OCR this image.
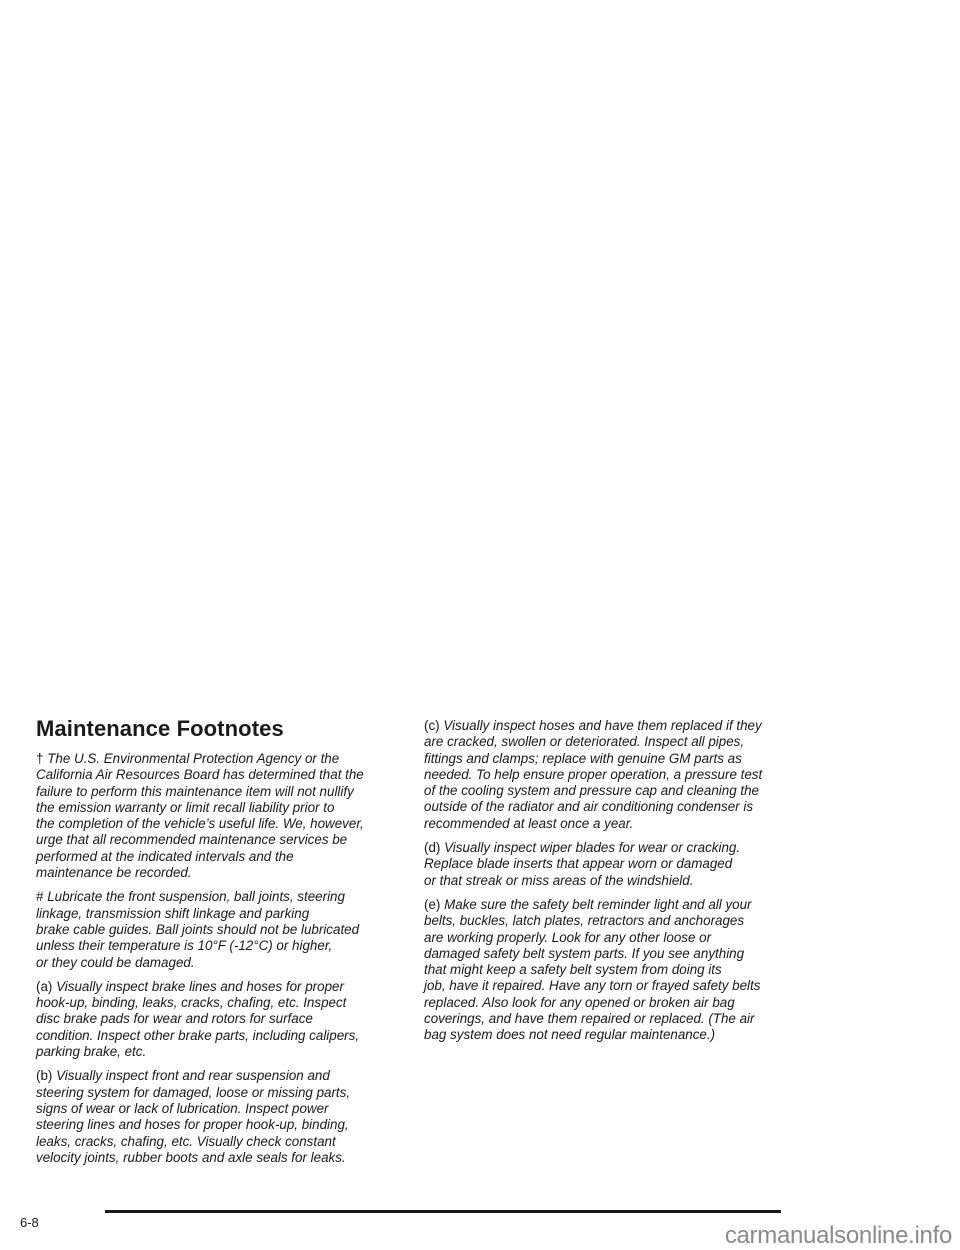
Maintenance Footnotes

† The U.S. Environmental Protection Agency or the
California Air Resources Board has determined that the
failure to perform this maintenance item will not nullify
the emission warranty or limit recall liability prior to
the completion of the vehicle’s useful life. We, however,
urge that all recommended maintenance services be
performed at the indicated intervals and the
maintenance be recorded.

# Lubricate the front suspension, ball joints, steering
linkage, transmission shift linkage and parking
brake cable guides. Ball joints should not be lubricated
unless their temperature is 10°F (-12°C) or higher,
or they could be damaged.

(a) Visually inspect brake lines and hoses for proper
hook-up, binding, leaks, cracks, chafing, etc. Inspect
disc brake pads for wear and rotors for surface
condition. Inspect other brake parts, including calipers,
parking brake, etc.

(b) Visually inspect front and rear suspension and
steering system for damaged, loose or missing parts,
signs of wear or lack of lubrication. Inspect power
steering lines and hoses for proper hook-up, binding,
leaks, cracks, chafing, etc. Visually check constant
velocity joints, rubber boots and axle seals for leaks.

(c) Visually inspect hoses and have them replaced if they
are cracked, swollen or deteriorated. Inspect all pipes,
fittings and clamps; replace with genuine GM parts as
needed. To help ensure proper operation, a pressure test
of the cooling system and pressure cap and cleaning the
outside of the radiator and air conditioning condenser is
recommended at least once a year.

(d) Visually inspect wiper blades for wear or cracking.
Replace blade inserts that appear worn or damaged
or that streak or miss areas of the windshield.

(e) Make sure the safety belt reminder light and all your
belts, buckles, latch plates, retractors and anchorages
are working properly. Look for any other loose or
damaged safety belt system parts. If you see anything
that might keep a safety belt system from doing its
job, have it repaired. Have any torn or frayed safety belts
replaced. Also look for any opened or broken air bag
coverings, and have them repaired or replaced. (The air
bag system does not need regular maintenance.)

6-8	carmanualsonline.info
